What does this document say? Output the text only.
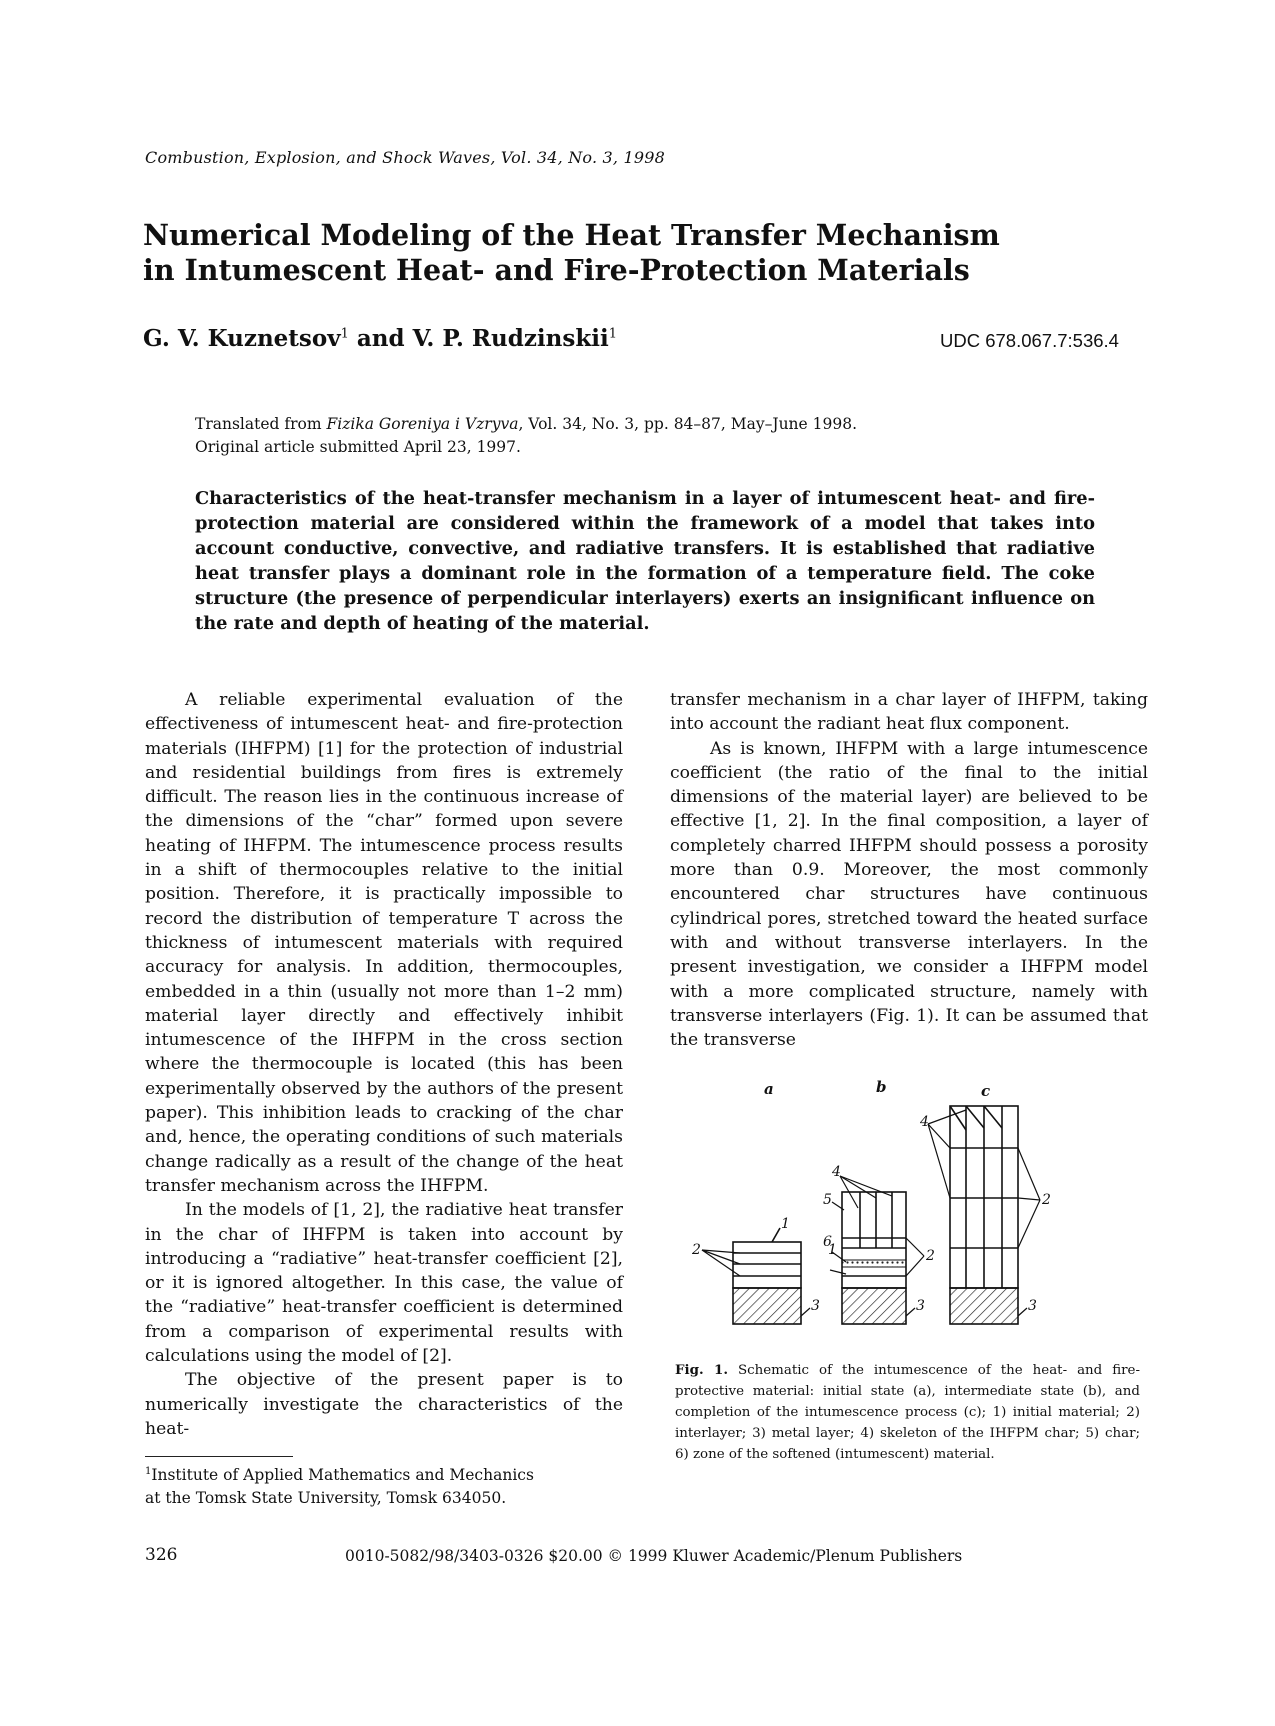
Combustion, Explosion, and Shock Waves, Vol. 34, No. 3, 1998
Numerical Modeling of the Heat Transfer Mechanism
in Intumescent Heat- and Fire-Protection Materials
G. V. Kuznetsov$^1$ and V. P. Rudzinskii$^1$	UDC 678.067.7:536.4
Translated from Fizika Goreniya i Vzryva, Vol. 34, No. 3, pp. 84–87, May–June 1998.
Original article submitted April 23, 1997.
Characteristics of the heat-transfer mechanism in a layer of intumescent heat- and fire-protection material are considered within the framework of a model that takes into account conductive, convective, and radiative transfers. It is established that radiative heat transfer plays a dominant role in the formation of a temperature field. The coke structure (the presence of perpendicular interlayers) exerts an insignificant influence on the rate and depth of heating of the material.

A reliable experimental evaluation of the effectiveness of intumescent heat- and fire-protection materials (IHFPM) [1] for the protection of industrial and residential buildings from fires is extremely difficult. The reason lies in the continuous increase of the dimensions of the “char” formed upon severe heating of IHFPM. The intumescence process results in a shift of thermocouples relative to the initial position. Therefore, it is practically impossible to record the distribution of temperature T across the thickness of intumescent materials with required accuracy for analysis. In addition, thermocouples, embedded in a thin (usually not more than 1–2 mm) material layer directly and effectively inhibit intumescence of the IHFPM in the cross section where the thermocouple is located (this has been experimentally observed by the authors of the present paper). This inhibition leads to cracking of the char and, hence, the operating conditions of such materials change radically as a result of the change of the heat transfer mechanism across the IHFPM.

In the models of [1, 2], the radiative heat transfer in the char of IHFPM is taken into account by introducing a “radiative” heat-transfer coefficient [2], or it is ignored altogether. In this case, the value of the “radiative” heat-transfer coefficient is determined from a comparison of experimental results with calculations using the model of [2].

The objective of the present paper is to numerically investigate the characteristics of the heat-

$^1$Institute of Applied Mathematics and Mechanics
at the Tomsk State University, Tomsk 634050.

transfer mechanism in a char layer of IHFPM, taking into account the radiant heat flux component.

As is known, IHFPM with a large intumescence coefficient (the ratio of the final to the initial dimensions of the material layer) are believed to be effective [1, 2]. In the final composition, a layer of completely charred IHFPM should possess a porosity more than 0.9. Moreover, the most commonly encountered char structures have continuous cylindrical pores, stretched toward the heated surface with and without transverse interlayers. In the present investigation, we consider a IHFPM model with a more complicated structure, namely with transverse interlayers (Fig. 1). It can be assumed that the transverse

a	b	c
1
2
3
1	2
3
4
5
6
4
2
3
Fig. 1. Schematic of the intumescence of the heat- and fire-protective material: initial state (a), intermediate state (b), and completion of the intumescence process (c); 1) initial material; 2) interlayer; 3) metal layer; 4) skeleton of the IHFPM char; 5) char; 6) zone of the softened (intumescent) material.
326	0010-5082/98/3403-0326 $20.00 © 1999 Kluwer Academic/Plenum Publishers
